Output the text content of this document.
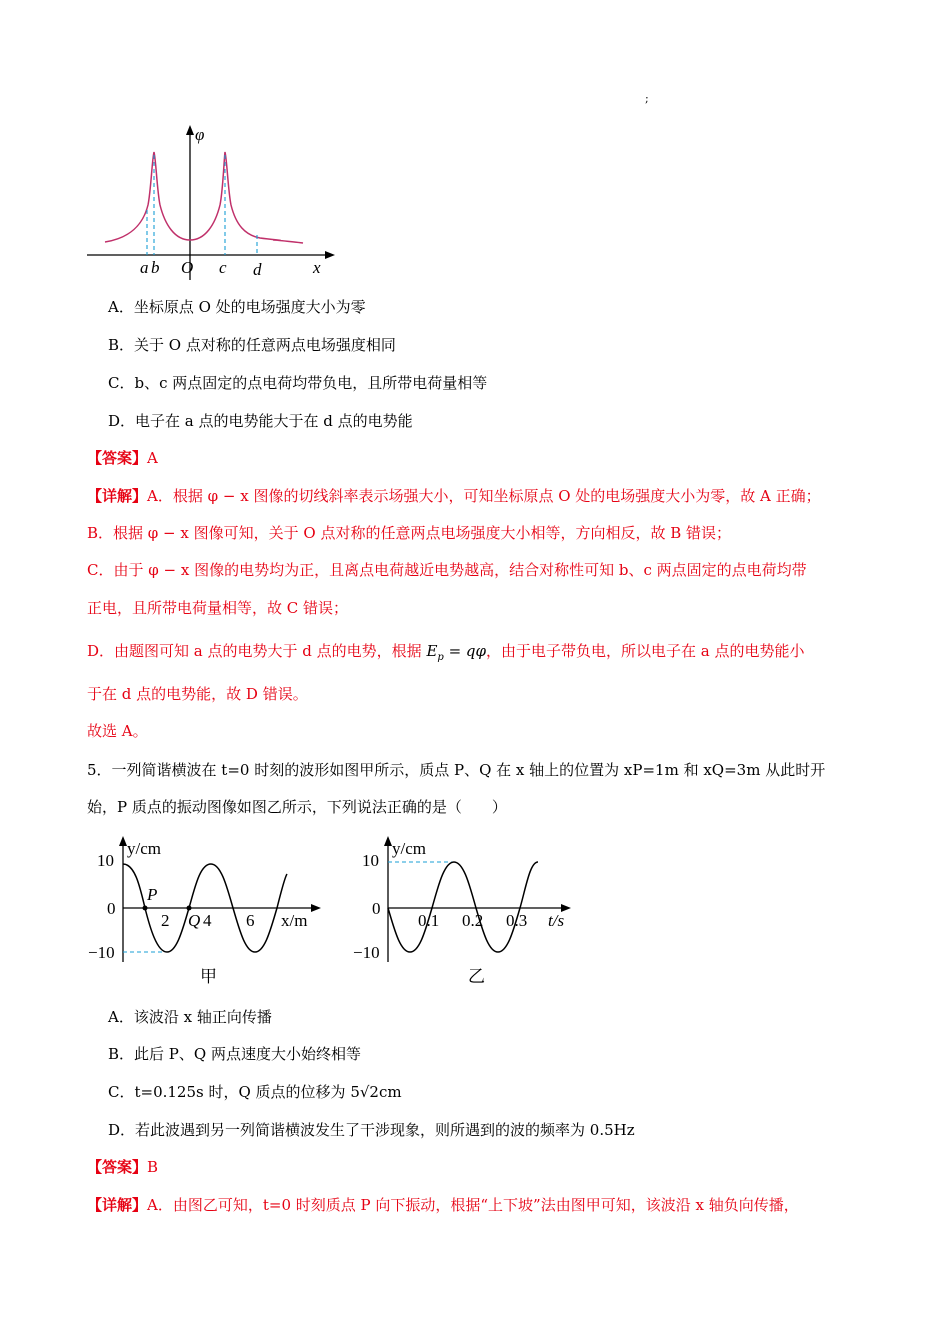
;
φ
x
a b O c d
A．坐标原点 O 处的电场强度大小为零
B．关于 O 点对称的任意两点电场强度相同
C．b、c 两点固定的点电荷均带负电，且所带电荷量相等
D．电子在 a 点的电势能大于在 d 点的电势能
【答案】A
【详解】A．根据 φ − x 图像的切线斜率表示场强大小，可知坐标原点 O 处的电场强度大小为零，故 A 正确；
B．根据 φ − x 图像可知，关于 O 点对称的任意两点电场强度大小相等，方向相反，故 B 错误；
C．由于 φ − x 图像的电势均为正，且离点电荷越近电势越高，结合对称性可知 b、c 两点固定的点电荷均带
正电，且所带电荷量相等，故 C 错误；
D．由题图可知 a 点的电势大于 d 点的电势，根据 $E_p = q\varphi$，由于电子带负电，所以电子在 a 点的电势能小
于在 d 点的电势能，故 D 错误。
故选 A。
5．一列简谐横波在 t=0 时刻的波形如图甲所示，质点 P、Q 在 x 轴上的位置为 xP=1m 和 xQ=3m 从此时开
始，P 质点的振动图像如图乙所示，下列说法正确的是（　　）
y/cm
x/m
10
0
−10
P
2 Q 4 6
甲
y/cm
t/s
10
0
−10
0.1 0.2 0.3
乙
A．该波沿 x 轴正向传播
B．此后 P、Q 两点速度大小始终相等
C．t=0.125s 时，Q 质点的位移为 5√2cm
D．若此波遇到另一列简谐横波发生了干涉现象，则所遇到的波的频率为 0.5Hz
【答案】B
【详解】A．由图乙可知，t=0 时刻质点 P 向下振动，根据“上下坡”法由图甲可知，该波沿 x 轴负向传播，
